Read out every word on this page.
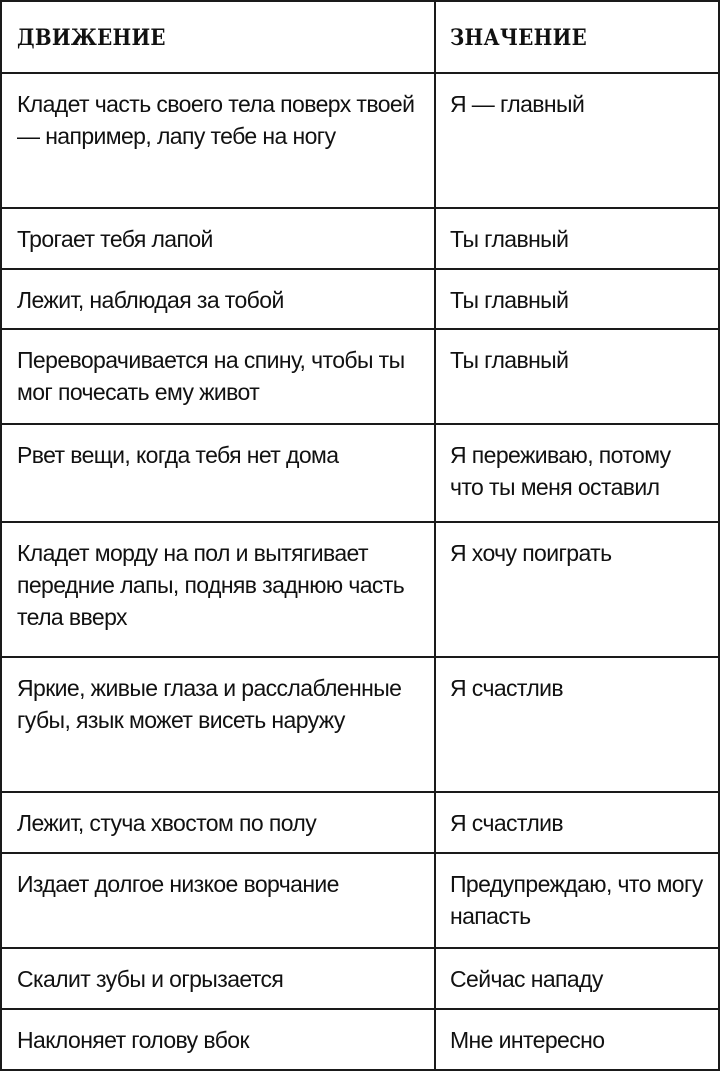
ДВИЖЕНИЕ	ЗНАЧЕНИЕ
Кладет часть своего тела поверх твоей — например, лапу тебе на ногу	Я — главный
Трогает тебя лапой	Ты главный
Лежит, наблюдая за тобой	Ты главный
Переворачивается на спину, чтобы ты мог почесать ему живот	Ты главный
Рвет вещи, когда тебя нет дома	Я переживаю, потому что ты меня оставил
Кладет морду на пол и вытягивает передние лапы, подняв заднюю часть тела вверх	Я хочу поиграть
Яркие, живые глаза и расслабленные губы, язык может висеть наружу	Я счастлив
Лежит, стуча хвостом по полу	Я счастлив
Издает долгое низкое ворчание	Предупреждаю, что могу напасть
Скалит зубы и огрызается	Сейчас нападу
Наклоняет голову вбок	Мне интересно
